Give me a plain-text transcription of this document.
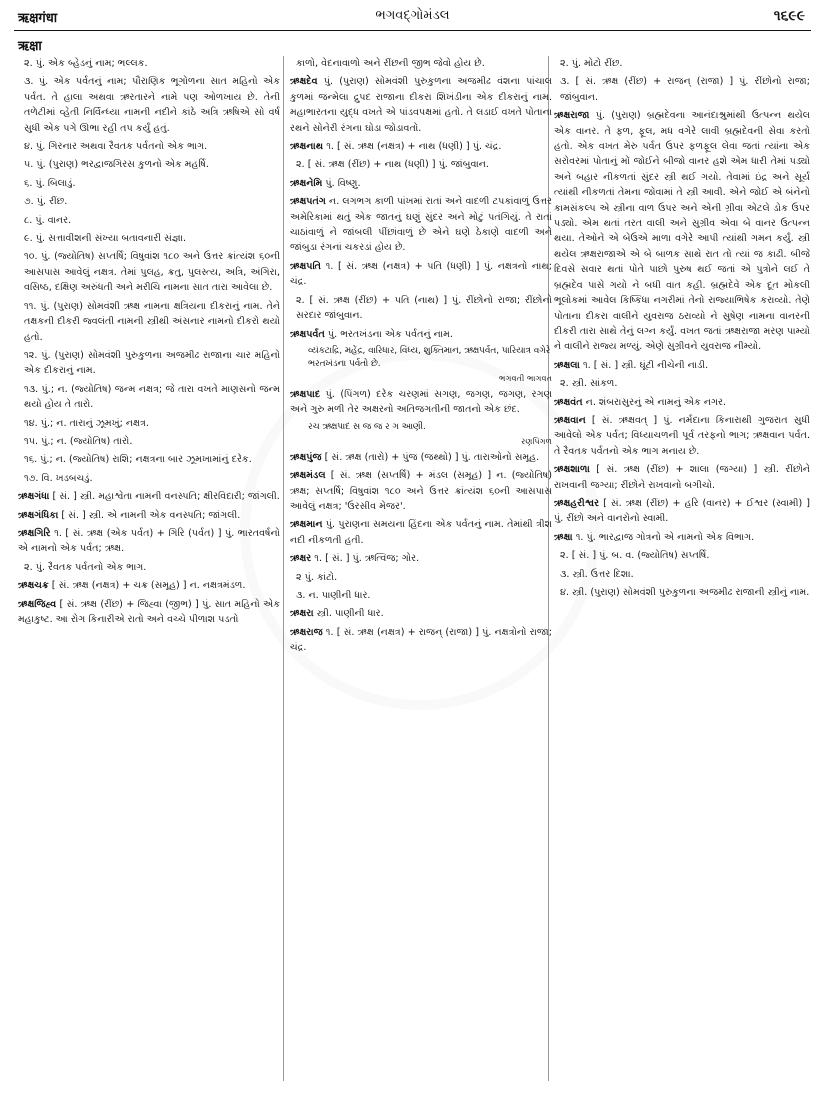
ऋक्षगंधा	ભગવદ્ગોમંડલ	૧૬૯૯
ऋक्षा
૨. પું. એક બ્હેડનું નામ; ભલ્લક.
૩. પું. એક પર્વતનું નામ; પૌરાણિક ભૂગોળના સાત મહિનો એક પર્વત. તે હાલા અથવા ઋરતારને નામે પણ ઓળખાય છે. તેની તળેટીમાં વ્હેતી નિર્વિન્ધ્યા નામની નદીને કાંઠે અત્રિ ઋષિએ સો વર્ષ સુધી એક પગે ઊભા રહી તપ કર્યું હતું.
૪. પું. ગિરનાર અથવા રૈવતક પર્વતનો એક ભાગ.
૫. પું. (પુરાણ) ભરદ્વાજગિરસ કુળનો એક મહર્ષિ.
૬. પું. બિલાડું.
૭. પું. રીંછ.
૮. પું. વાનર.
૯. પું. સત્તાવીશની સંખ્યા બતાવનારી સંજ્ઞા.
૧૦. પું. (જ્યોતિષ) સપ્તર્ષિ; વિષુવાંશ ૧૮૦ અને ઉત્તર ક્રાંત્યંશ ૬૦ની આસપાસ આવેલું નક્ષત્ર. તેમાં પુલહ, ક્રતુ, પુલસ્ત્ય, અત્રિ, અંગિરા, વસિષ્ઠ, દક્ષિણ અરુંધતી અને મરીચિ નામના સાત તારા આવેલા છે.
૧૧. પું. (પુરાણ) સોમવંશી ઋક્ષ નામના ક્ષત્રિયના દીકરાનું નામ. તેને તક્ષકની દીકરી જ્વલંતી નામની સ્ત્રીથી અંસનાર નામનો દીકરો થયો હતો.
૧૨. પું. (પુરાણ) સોમવંશી પુરુકુળના અજમીઢ રાજાના ચાર મહિનો એક દીકરાનું નામ.
૧૩. પું.; ન. (જ્યોતિષ) જન્મ નક્ષત્ર; જે તારા વખતે માણસનો જન્મ થયો હોય તે તારો.
૧૪. પું.; ન. તારાનું ઝૂમખું; નક્ષત્ર.
૧૫. પું.; ન. (જ્યોતિષ) તારો.
૧૬. પું.; ન. (જ્યોતિષ) રાશિ; નક્ષત્રના બાર ઝૂમખામાંનું દરેક.
૧૭. વિ. ખડબચડું.
ઋક્ષગંધા [ સં. ] સ્ત્રી. મહાશ્વેતા નામની વનસ્પતિ; ક્ષીરવિદારી; જાંગલી.
ઋક્ષગંધિકા [ સં. ] સ્ત્રી. એ નામની એક વનસ્પતિ; જાંગલી.
ઋક્ષગિરિ ૧. [ સં. ઋક્ષ (એક પર્વત) + ગિરિ (પર્વત) ] પું. ભારતવર્ષનો એ નામનો એક પર્વત; ઋક્ષ.
૨. પું. રૈવતક પર્વતનો એક ભાગ.
ઋક્ષચક્ર [ સં. ઋક્ષ (નક્ષત્ર) + ચક્ર (સમૂહ) ] ન. નક્ષત્રમંડળ.
ઋક્ષજિહ્વ [ સં. ઋક્ષ (રીંછ) + જિહ્વા (જીભ) ] પું. સાત મહિનો એક મહાકુષ્ટ. આ રોગ કિનારીએ રાતો અને વચ્ચે પીળાશ પડતો
કાળો, વેદનાવાળો અને રીંછની જીભ જેવો હોય છે.
ઋક્ષદેવ પું. (પુરાણ) સોમવંશી પુરુકુળના અજમીઢ વંશના પાંચાલ કુળમાં જન્મેલા દ્રુપદ રાજાના દીકરા શિખંડીના એક દીકરાનું નામ. મહાભારતના યુદ્ધ વખતે એ પાંડવપક્ષમાં હતો. તે લડાઈ વખતે પોતાના રથને સોનેરી રંગના ઘોડા જોડાવતો.
ઋક્ષનાથ ૧. [ સં. ઋક્ષ (નક્ષત્ર) + નાથ (ધણી) ] પું. ચંદ્ર.
૨. [ સં. ઋક્ષ (રીંછ) + નાથ (ધણી) ] પું. જાંબુવાન.
ઋક્ષનેમિ પું. વિષ્ણુ.
ઋક્ષપતંગ ન. લગભગ કાળી પાંખમાં રાતાં અને વાદળી ટપકાંવાળું ઉત્તર અમેરિકામાં થતું એક જાતનું ઘણું સુંદર અને મોટું પતંગિયું. તે રાતાં ચાઠાંવાળું ને જાંબલી પીંછાંવાળું છે એને ઘણે ઠેકાણે વાદળી અને જાંબુડા રંગનાં ચકરડાં હોય છે.
ઋક્ષપતિ ૧. [ સં. ઋક્ષ (નક્ષત્ર) + પતિ (ધણી) ] પું. નક્ષત્રનો નાથ; ચંદ્ર.
૨. [ સં. ઋક્ષ (રીંછ) + પતિ (નાથ) ] પું. રીંછોનો રાજા; રીંછોનો સરદાર જાંબુવાન.
ઋક્ષપર્વત પું. ભરતખંડના એક પર્વતનું નામ.
વ્યંકટાદ્રિ, મહેંદ્ર, વારિધાર, વિંધ્ય, શુક્તિમાન, ઋક્ષપર્વત, પારિયાત્ર વગેરે ભરતખંડના પર્વતો છે.
ભગવતી ભાગવત
ઋક્ષપાદ પું. (પિંગળ) દરેક ચરણમાં સગણ, જગણ, જગણ, રગણ અને ગુરુ મળી તેર અક્ષરનો અતિજગતીની જાતનો એક છંદ.
રચ ઋક્ષપાદ સ જ જ ર ગ આણી.
રણપિંગળ
ઋક્ષપુંજ [ સં. ઋક્ષ (તારો) + પુંજ (જથ્થો) ] પું. તારાઓનો સમૂહ.
ઋક્ષમંડલ [ સં. ઋક્ષ (સપ્તર્ષિ) + મંડલ (સમૂહ) ] ન. (જ્યોતિષ) ઋક્ષ; સપ્તર્ષિ; વિષુવાંશ ૧૮૦ અને ઉત્તર ક્રાંત્યંશ ૬૦ની આસપાસ આવેલું નક્ષત્ર; 'ઉરસીવ મેજર'.
ઋક્ષમાન પું. પુરાણના સમયના હિંદના એક પર્વતનું નામ. તેમાંથી ત્રીશ નદી નીકળતી હતી.
ઋક્ષર ૧. [ સં. ] પું. ઋત્વિજ; ગોર.
૨ પું. કાંટો.
૩. ન. પાણીની ધાર.
ઋક્ષરા સ્ત્રી. પાણીની ધાર.
ઋક્ષરાજ ૧. [ સં. ઋક્ષ (નક્ષત્ર) + રાજન્ (રાજા) ] પું. નક્ષત્રોનો રાજા; ચંદ્ર.
૨. પું. મોટો રીંછ.
૩. [ સં. ઋક્ષ (રીંછ) + રાજન્ (રાજા) ] પું. રીંછોનો રાજા; જાંબુવાન.
ઋક્ષરાજા પું. (પુરાણ) બ્રહ્મદેવના આનંદાશ્રુમાંથી ઉત્પન્ન થયેલ એક વાનર. તે ફળ, ફૂલ, મધ વગેરે લાવી બ્રહ્મદેવની સેવા કરતો હતો. એક વખત મેરુ પર્વત ઉપર ફળફૂલ લેવા જતાં ત્યાંના એક સરોવરમાં પોતાનું મોં જોઈને બીજો વાનર હશે એમ ધારી તેમાં પડ્યો અને બહાર નીકળતાં સુંદર સ્ત્રી થઈ ગયો. તેવામાં ઇંદ્ર અને સૂર્ય ત્યાંથી નીકળતાં તેમના જોવામાં તે સ્ત્રી આવી. એને જોઈ એ બંનેનો કામસંકલ્પ એ સ્ત્રીના વાળ ઉપર અને એની ગ્રીવા એટલે ડોક ઉપર પડ્યો. એમ થતાં તરત વાલી અને સુગ્રીવ એવા બે વાનર ઉત્પન્ન થયા. તેઓને એ બેઉએ માળા વગેરે આપી ત્યાંથી ગમન કર્યું. સ્ત્રી થયેલ ઋક્ષરાજાએ એ બે બાળક સાથે રાત તો ત્યાં જ કાઢી. બીજે દિવસે સવાર થતાં પોતે પાછો પુરુષ થઈ જતાં એ પુત્રોને લઈ તે બ્રહ્મદેવ પાસે ગયો ને બધી વાત કહી. બ્રહ્મદેવે એક દૂત મોકલી ભૂલોકમાં આવેલ કિષ્કિંધા નગરીમાં તેનો રાજ્યાભિષેક કરાવ્યો. તેણે પોતાના દીકરા વાલીને યુવરાજ ઠરાવ્યો ને સુષેણ નામના વાનરની દીકરી તારા સાથે તેનું લગ્ન કર્યું. વખત જતાં ઋક્ષરાજા મરણ પામ્યો ને વાલીને રાજ્ય મળ્યું. એણે સુગ્રીવને યુવરાજ નીમ્યો.
ઋક્ષલા ૧. [ સં. ] સ્ત્રી. ઘૂંટી નીચેની નાડી.
૨. સ્ત્રી. સાંકળ.
ઋક્ષવંત ન. શંબરાસુરનું એ નામનું એક નગર.
ઋક્ષવાન [ સં. ઋક્ષવત્ ] પું. નર્મદાના કિનારાથી ગુજરાત સુધી આવેલો એક પર્વત; વિધ્યાચળની પૂર્વ તરફનો ભાગ; ઋક્ષવાન પર્વત. તે રૈવતક પર્વતનો એક ભાગ મનાય છે.
ઋક્ષશાળા [ સં. ઋક્ષ (રીંછ) + શાલા (જગ્યા) ] સ્ત્રી. રીંછોને રાખવાની જગ્યા; રીંછોને રાખવાનો બગીચો.
ઋક્ષહરીશ્વર [ સં. ઋક્ષ (રીંછ) + હરિ (વાનર) + ઈશ્વર (સ્વામી) ] પું. રીંછો અને વાનરોનો સ્વામી.
ઋક્ષા ૧. પું. ભારદ્વાજ ગોત્રનો એ નામનો એક વિભાગ.
૨. [ સં. ] પું. બ. વ. (જ્યોતિષ) સપ્તર્ષિ.
૩. સ્ત્રી. ઉત્તર દિશા.
૪. સ્ત્રી. (પુરાણ) સોમવંશી પુરુકુળના અજમીઢ રાજાની સ્ત્રીનું નામ.
